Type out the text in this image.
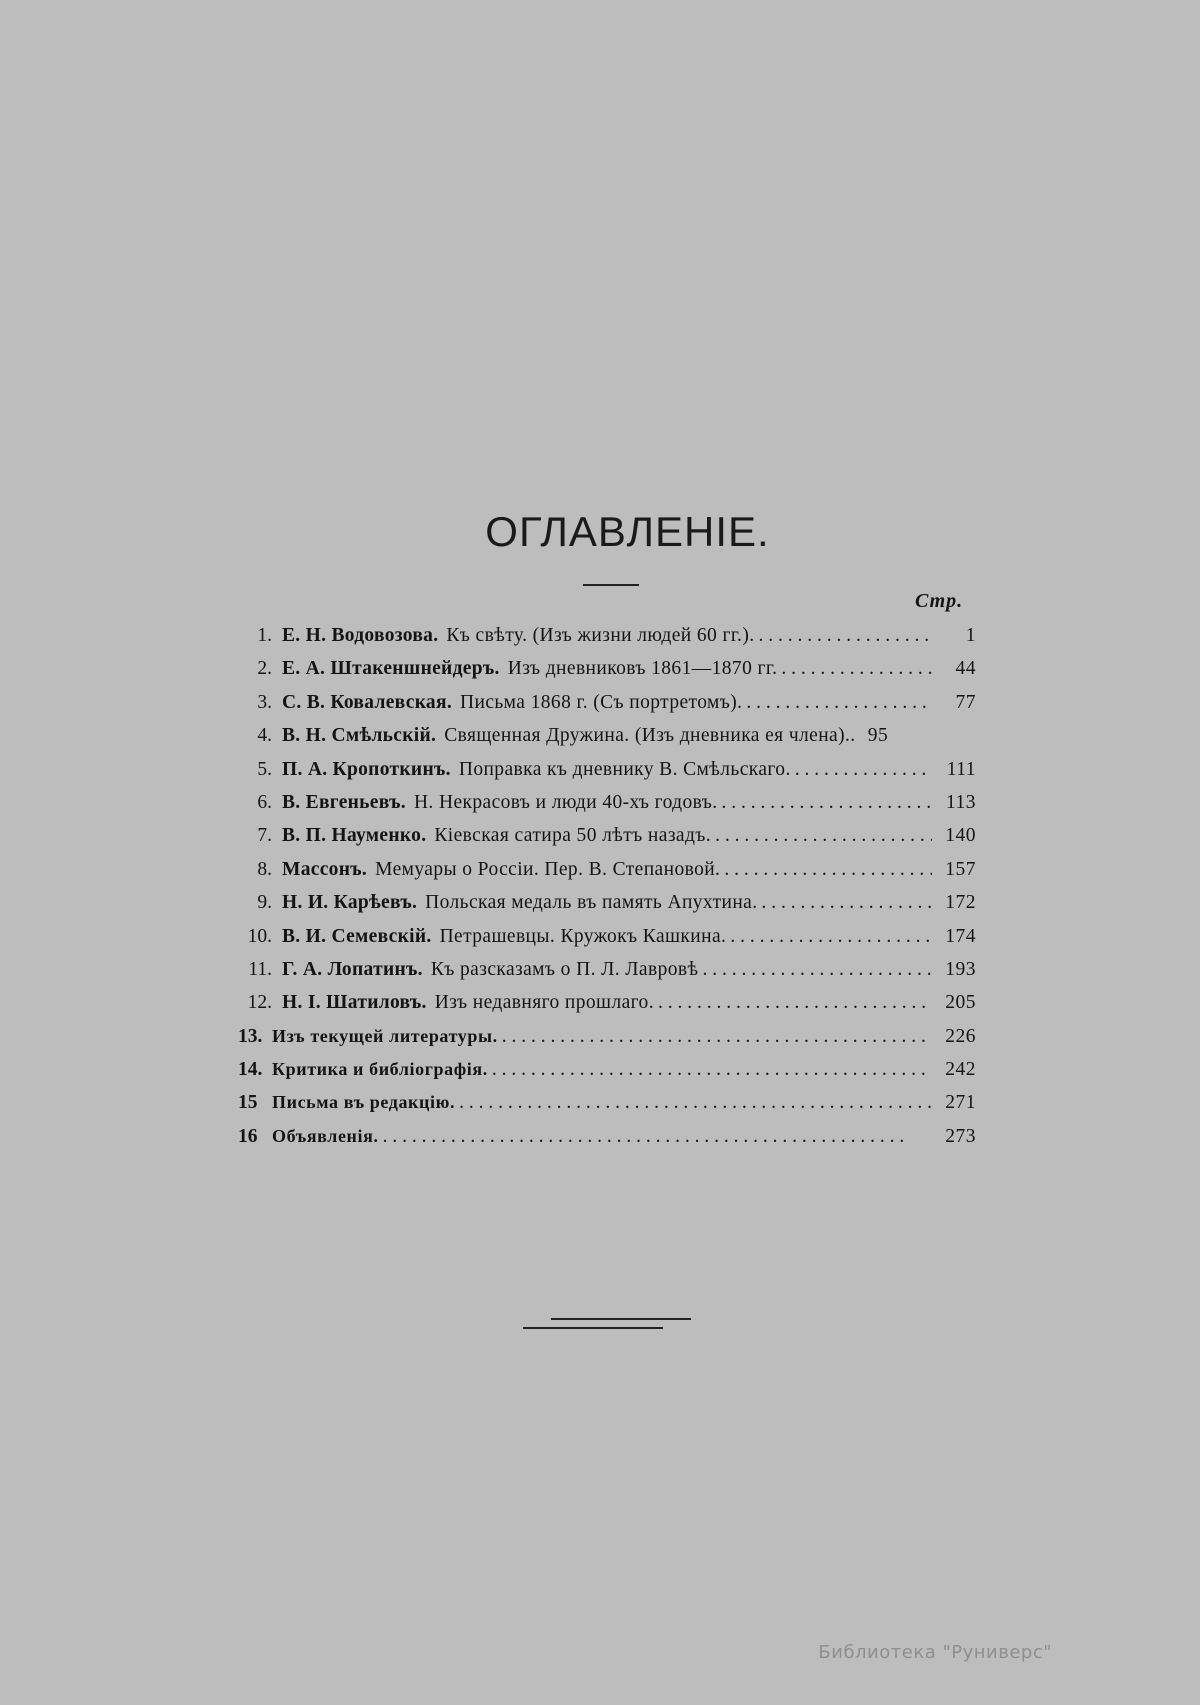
ОГЛАВЛЕНІЕ.
Стр.
1. Е. Н. Водовозова. Къ свѣту. (Изъ жизни людей 60 гг.). . . .	1
2. Е. А. Штакеншнейдеръ. Изъ дневниковъ 1861—1870 гг. . . .	44
3. С. В. Ковалевская. Письма 1868 г. (Съ портретомъ). . . .	77
4. В. Н. Смѣльскій. Священная Дружина. (Изъ дневника ея члена). . . . 95
5. П. А. Кропоткинъ. Поправка къ дневнику В. Смѣльскаго. . . .	111
6. В. Евгеньевъ. Н. Некрасовъ и люди 40-хъ годовъ. . . .	113
7. В. П. Науменко. Кіевская сатира 50 лѣтъ назадъ. . . .	140
8. Массонъ. Мемуары о Россіи. Пер. В. Степановой. . . .	157
9. Н. И. Карѣевъ. Польская медаль въ память Апухтина. . . .	172
10. В. И. Семевскій. Петрашевцы. Кружокъ Кашкина. . . .	174
11. Г. А. Лопатинъ. Къ разсказамъ о П. Л. Лавровѣ . . .	193
12. Н. I. Шатиловъ. Изъ недавняго прошлаго. . . .	205
13. Изъ текущей литературы. . . .	226
14. Критика и библіографія. . . .	242
15 Письма въ редакцію. . . .	271
16 Объявленія. . . .	273
Библиотека "Руниверс"
